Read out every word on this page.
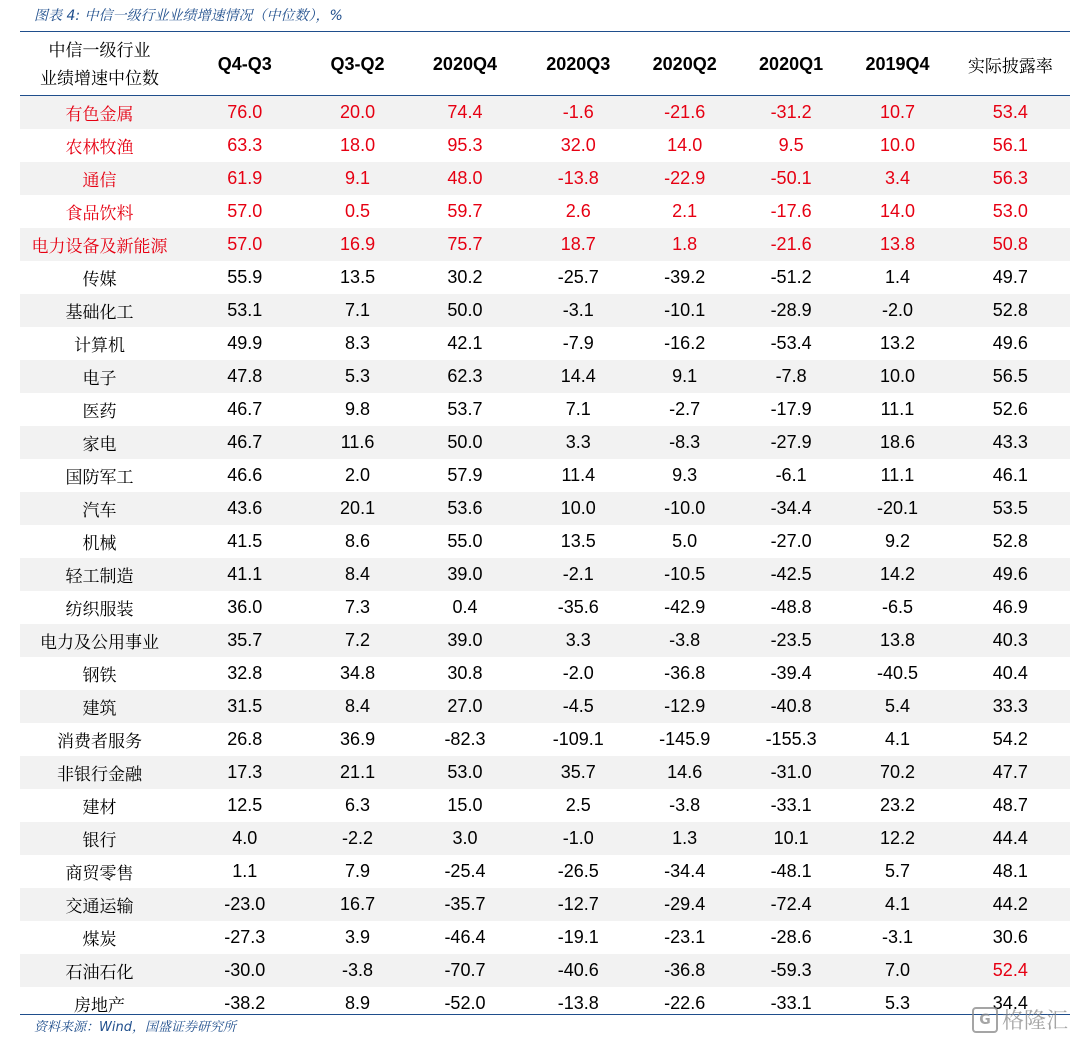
图表 4: 中信一级行业业绩增速情况（中位数），%
中信一级行业
业绩增速中位数
Q4-Q3	Q3-Q2	2020Q4	2020Q3	2020Q2	2020Q1	2019Q4	实际披露率
有色金属	76.0	20.0	74.4	-1.6	-21.6	-31.2	10.7	53.4
农林牧渔	63.3	18.0	95.3	32.0	14.0	9.5	10.0	56.1
通信	61.9	9.1	48.0	-13.8	-22.9	-50.1	3.4	56.3
食品饮料	57.0	0.5	59.7	2.6	2.1	-17.6	14.0	53.0
电力设备及新能源	57.0	16.9	75.7	18.7	1.8	-21.6	13.8	50.8
传媒	55.9	13.5	30.2	-25.7	-39.2	-51.2	1.4	49.7
基础化工	53.1	7.1	50.0	-3.1	-10.1	-28.9	-2.0	52.8
计算机	49.9	8.3	42.1	-7.9	-16.2	-53.4	13.2	49.6
电子	47.8	5.3	62.3	14.4	9.1	-7.8	10.0	56.5
医药	46.7	9.8	53.7	7.1	-2.7	-17.9	11.1	52.6
家电	46.7	11.6	50.0	3.3	-8.3	-27.9	18.6	43.3
国防军工	46.6	2.0	57.9	11.4	9.3	-6.1	11.1	46.1
汽车	43.6	20.1	53.6	10.0	-10.0	-34.4	-20.1	53.5
机械	41.5	8.6	55.0	13.5	5.0	-27.0	9.2	52.8
轻工制造	41.1	8.4	39.0	-2.1	-10.5	-42.5	14.2	49.6
纺织服装	36.0	7.3	0.4	-35.6	-42.9	-48.8	-6.5	46.9
电力及公用事业	35.7	7.2	39.0	3.3	-3.8	-23.5	13.8	40.3
钢铁	32.8	34.8	30.8	-2.0	-36.8	-39.4	-40.5	40.4
建筑	31.5	8.4	27.0	-4.5	-12.9	-40.8	5.4	33.3
消费者服务	26.8	36.9	-82.3	-109.1	-145.9	-155.3	4.1	54.2
非银行金融	17.3	21.1	53.0	35.7	14.6	-31.0	70.2	47.7
建材	12.5	6.3	15.0	2.5	-3.8	-33.1	23.2	48.7
银行	4.0	-2.2	3.0	-1.0	1.3	10.1	12.2	44.4
商贸零售	1.1	7.9	-25.4	-26.5	-34.4	-48.1	5.7	48.1
交通运输	-23.0	16.7	-35.7	-12.7	-29.4	-72.4	4.1	44.2
煤炭	-27.3	3.9	-46.4	-19.1	-23.1	-28.6	-3.1	30.6
石油石化	-30.0	-3.8	-70.7	-40.6	-36.8	-59.3	7.0	52.4
房地产	-38.2	8.9	-52.0	-13.8	-22.6	-33.1	5.3	34.4
资料来源：Wind，国盛证券研究所	G 格隆汇
